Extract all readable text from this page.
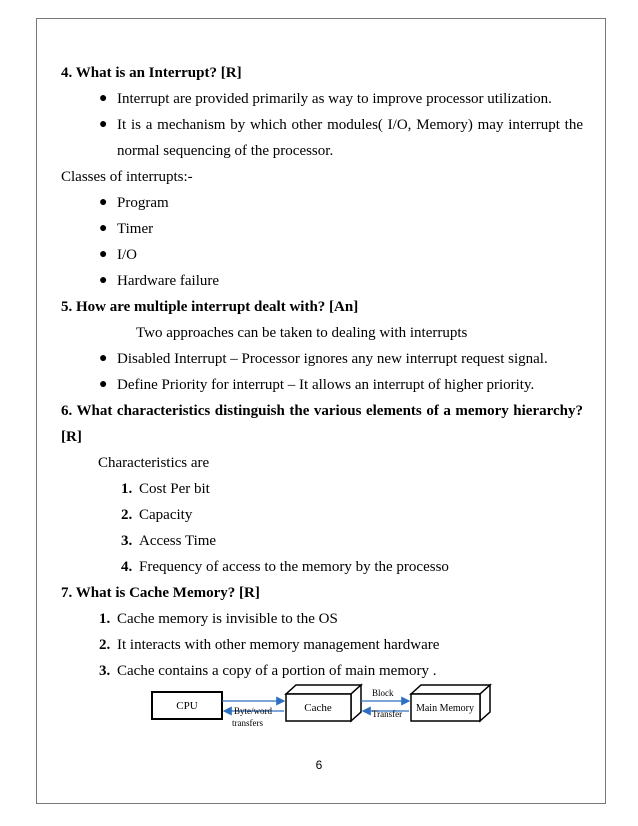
4. What is an Interrupt? [R]

● Interrupt are provided primarily as way to improve processor utilization.
● It is a mechanism by which other modules( I/O, Memory) may interrupt the normal sequencing of the processor.

Classes of interrupts:-

● Program
● Timer
● I/O
● Hardware failure

5. How are multiple interrupt dealt with? [An]

Two approaches can be taken to dealing with interrupts

● Disabled Interrupt – Processor ignores any new interrupt request signal.
● Define Priority for interrupt – It allows an interrupt of higher priority.

6. What characteristics distinguish the various elements of a memory hierarchy?

[R]

Characteristics are

1. Cost Per bit
2. Capacity
3. Access Time
4. Frequency of access to the memory by the processo

7. What is Cache Memory? [R]

1. Cache memory is invisible to the OS
2. It interacts with other memory management hardware
3. Cache contains a copy of a portion of main memory .
CPU	Cache	Main Memory
Byte/word
transfers
Block
Transfer
6
